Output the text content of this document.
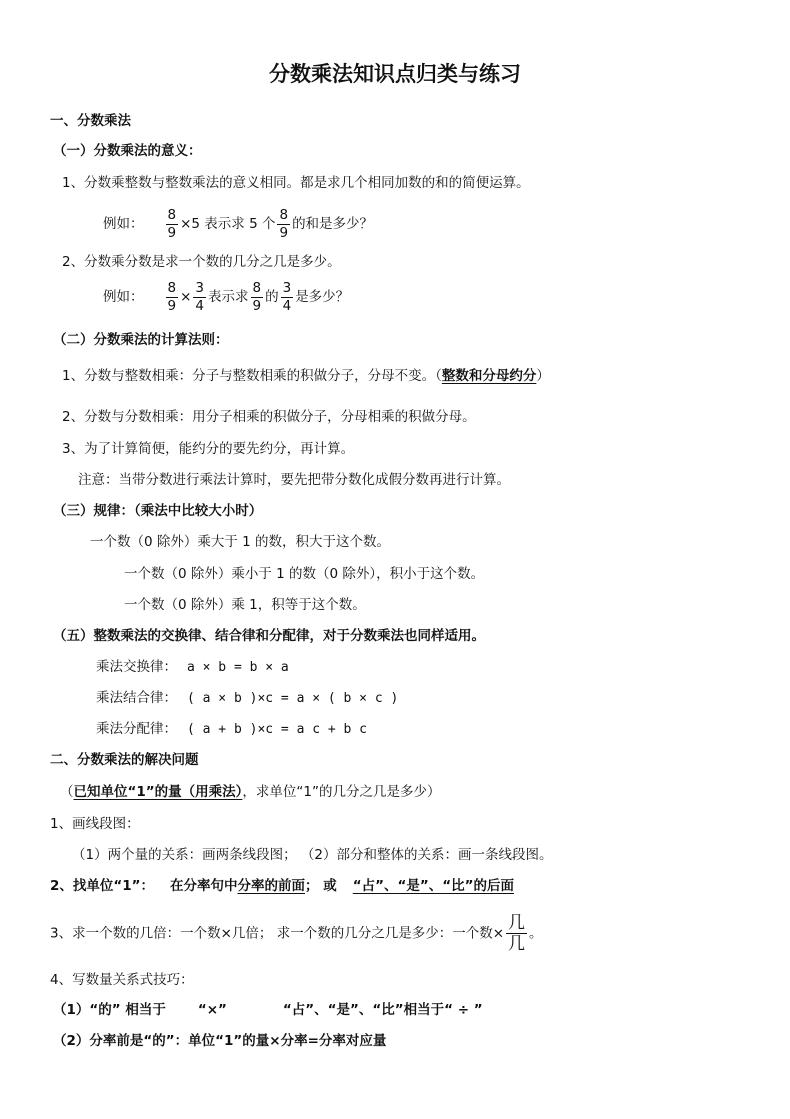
分数乘法知识点归类与练习
一、分数乘法
（一）分数乘法的意义：
1、分数乘整数与整数乘法的意义相同。都是求几个相同加数的和的简便运算。
例如： $\frac{8}{9} \times 5$ 表示求 5 个 $\frac{8}{9}$ 的和是多少？
2、分数乘分数是求一个数的几分之几是多少。
例如： $\frac{8}{9} \times \frac{3}{4}$ 表示求 $\frac{8}{9}$ 的 $\frac{3}{4}$ 是多少？
（二）分数乘法的计算法则：
1、分数与整数相乘：分子与整数相乘的积做分子，分母不变。（整数和分母约分）
2、分数与分数相乘：用分子相乘的积做分子，分母相乘的积做分母。
3、为了计算简便，能约分的要先约分，再计算。
注意：当带分数进行乘法计算时，要先把带分数化成假分数再进行计算。
（三）规律：（乘法中比较大小时）
一个数（0 除外）乘大于 1 的数，积大于这个数。
一个数（0 除外）乘小于 1 的数（0 除外），积小于这个数。
一个数（0 除外）乘 1，积等于这个数。
（五）整数乘法的交换律、结合律和分配律，对于分数乘法也同样适用。
乘法交换律： a × b = b × a
乘法结合律： ( a × b )×c = a × ( b × c )
乘法分配律： ( a + b )×c = a c + b c
二、分数乘法的解决问题
（已知单位“1”的量（用乘法），求单位“1”的几分之几是多少）
1、画线段图：
（1）两个量的关系：画两条线段图； （2）部分和整体的关系：画一条线段图。
2、找单位“1”： 在分率句中分率的前面； 或 “占”、“是”、“比”的后面
3、求一个数的几倍：一个数×几倍； 求一个数的几分之几是多少：一个数×
几
几
。
4、写数量关系式技巧：
（1）“的” 相当于 “×”	“占”、“是”、“比”相当于“ ÷ ”
（2）分率前是“的”：单位“1”的量×分率=分率对应量
